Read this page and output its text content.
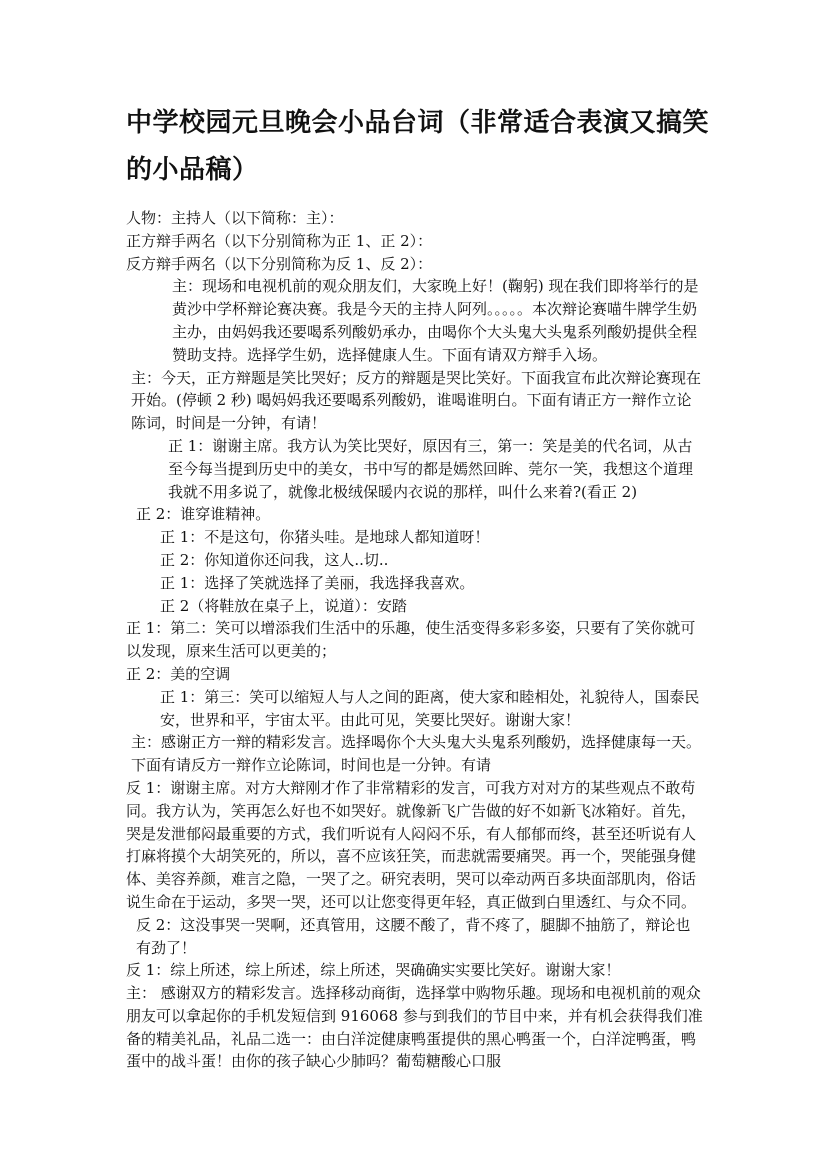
中学校园元旦晚会小品台词（非常适合表演又搞笑的小品稿）

人物：主持人（以下简称：主）：

正方辩手两名（以下分别简称为正 1、正 2）：

反方辩手两名（以下分别简称为反 1、反 2）：

主：现场和电视机前的观众朋友们，大家晚上好！(鞠躬) 现在我们即将举行的是黄沙中学杯辩论赛决赛。我是今天的主持人阿列。。。。。本次辩论赛喵牛牌学生奶主办，由妈妈我还要喝系列酸奶承办，由喝你个大头鬼大头鬼系列酸奶提供全程赞助支持。选择学生奶，选择健康人生。下面有请双方辩手入场。

主：今天，正方辩题是笑比哭好；反方的辩题是哭比笑好。下面我宣布此次辩论赛现在开始。(停顿 2 秒) 喝妈妈我还要喝系列酸奶，谁喝谁明白。下面有请正方一辩作立论陈词，时间是一分钟，有请！

正 1：谢谢主席。我方认为笑比哭好，原因有三，第一：笑是美的代名词，从古至今每当提到历史中的美女，书中写的都是嫣然回眸、莞尔一笑，我想这个道理我就不用多说了，就像北极绒保暖内衣说的那样，叫什么来着?(看正 2)

正 2：谁穿谁精神。

正 1：不是这句，你猪头哇。是地球人都知道呀！

正 2：你知道你还问我，这人..切..

正 1：选择了笑就选择了美丽，我选择我喜欢。

正 2（将鞋放在桌子上，说道）：安踏

正 1：第二：笑可以增添我们生活中的乐趣，使生活变得多彩多姿，只要有了笑你就可以发现，原来生活可以更美的；

正 2：美的空调

正 1：第三：笑可以缩短人与人之间的距离，使大家和睦相处，礼貌待人，国泰民安，世界和平，宇宙太平。由此可见，笑要比哭好。谢谢大家！

主：感谢正方一辩的精彩发言。选择喝你个大头鬼大头鬼系列酸奶，选择健康每一天。下面有请反方一辩作立论陈词，时间也是一分钟。有请

反 1：谢谢主席。对方大辩刚才作了非常精彩的发言，可我方对对方的某些观点不敢苟同。我方认为，笑再怎么好也不如哭好。就像新飞广告做的好不如新飞冰箱好。首先，哭是发泄郁闷最重要的方式，我们听说有人闷闷不乐，有人郁郁而终，甚至还听说有人打麻将摸个大胡笑死的，所以，喜不应该狂笑，而悲就需要痛哭。再一个，哭能强身健体、美容养颜，难言之隐，一哭了之。研究表明，哭可以牵动两百多块面部肌肉，俗话说生命在于运动，多哭一哭，还可以让您变得更年轻，真正做到白里透红、与众不同。

反 2：这没事哭一哭啊，还真管用，这腰不酸了，背不疼了，腿脚不抽筋了，辩论也有劲了！

反 1：综上所述，综上所述，综上所述，哭确确实实要比笑好。谢谢大家！

主： 感谢双方的精彩发言。选择移动商街，选择掌中购物乐趣。现场和电视机前的观众朋友可以拿起你的手机发短信到 916068 参与到我们的节目中来，并有机会获得我们准备的精美礼品，礼品二选一：由白洋淀健康鸭蛋提供的黑心鸭蛋一个，白洋淀鸭蛋，鸭蛋中的战斗蛋！由你的孩子缺心少肺吗？葡萄糖酸心口服
